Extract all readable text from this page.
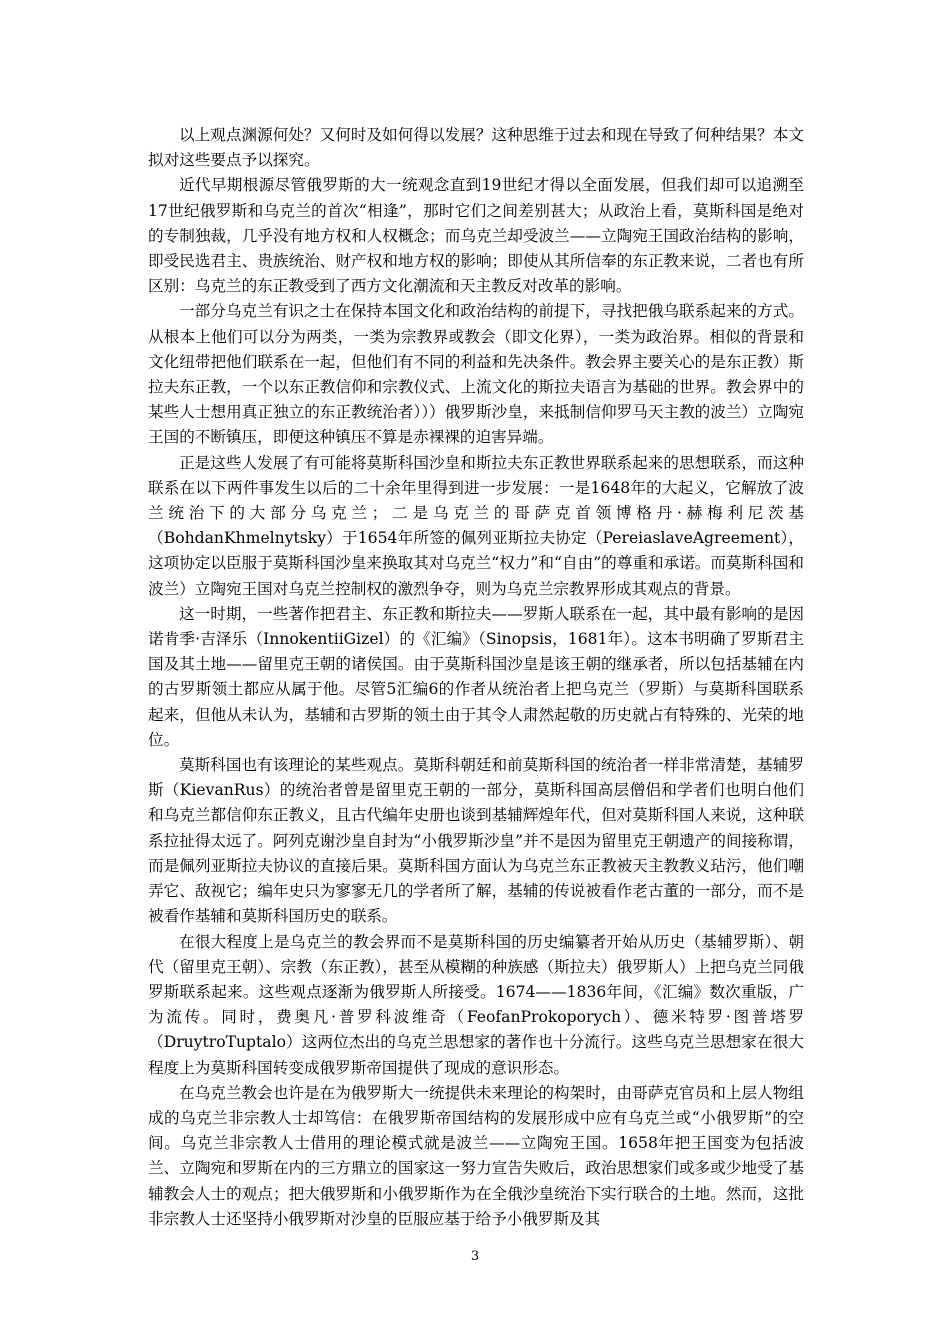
以上观点渊源何处？又何时及如何得以发展？这种思维于过去和现在导致了何种结果？本文拟对这些要点予以探究。

近代早期根源尽管俄罗斯的大一统观念直到19世纪才得以全面发展，但我们却可以追溯至17世纪俄罗斯和乌克兰的首次“相逢”，那时它们之间差别甚大；从政治上看，莫斯科国是绝对的专制独裁，几乎没有地方权和人权概念；而乌克兰却受波兰——立陶宛王国政治结构的影响，即受民选君主、贵族统治、财产权和地方权的影响；即使从其所信奉的东正教来说，二者也有所区别：乌克兰的东正教受到了西方文化潮流和天主教反对改革的影响。

一部分乌克兰有识之士在保持本国文化和政治结构的前提下，寻找把俄乌联系起来的方式。从根本上他们可以分为两类，一类为宗教界或教会（即文化界），一类为政治界。相似的背景和文化纽带把他们联系在一起，但他们有不同的利益和先决条件。教会界主要关心的是东正教）斯拉夫东正教，一个以东正教信仰和宗教仪式、上流文化的斯拉夫语言为基础的世界。教会界中的某些人士想用真正独立的东正教统治者）））俄罗斯沙皇，来抵制信仰罗马天主教的波兰）立陶宛王国的不断镇压，即便这种镇压不算是赤裸裸的迫害异端。

正是这些人发展了有可能将莫斯科国沙皇和斯拉夫东正教世界联系起来的思想联系，而这种联系在以下两件事发生以后的二十余年里得到进一步发展：一是1648年的大起义，它解放了波兰统治下的大部分乌克兰；二是乌克兰的哥萨克首领博格丹·赫梅利尼茨基（BohdanKhmelnytsky）于1654年所签的佩列亚斯拉夫协定（PereiaslaveAgreement），这项协定以臣服于莫斯科国沙皇来换取其对乌克兰“权力”和“自由”的尊重和承诺。而莫斯科国和波兰）立陶宛王国对乌克兰控制权的激烈争夺，则为乌克兰宗教界形成其观点的背景。

这一时期，一些著作把君主、东正教和斯拉夫——罗斯人联系在一起，其中最有影响的是因诺肯季·吉泽乐（InnokentiiGizel）的《汇编》（Sinopsis，1681年）。这本书明确了罗斯君主国及其土地——留里克王朝的诸侯国。由于莫斯科国沙皇是该王朝的继承者，所以包括基辅在内的古罗斯领土都应从属于他。尽管5汇编6的作者从统治者上把乌克兰（罗斯）与莫斯科国联系起来，但他从未认为，基辅和古罗斯的领土由于其令人肃然起敬的历史就占有特殊的、光荣的地位。

莫斯科国也有该理论的某些观点。莫斯科朝廷和前莫斯科国的统治者一样非常清楚，基辅罗斯（KievanRus）的统治者曾是留里克王朝的一部分，莫斯科国高层僧侣和学者们也明白他们和乌克兰都信仰东正教义，且古代编年史册也谈到基辅辉煌年代，但对莫斯科国人来说，这种联系拉扯得太远了。阿列克谢沙皇自封为“小俄罗斯沙皇”并不是因为留里克王朝遗产的间接称谓，而是佩列亚斯拉夫协议的直接后果。莫斯科国方面认为乌克兰东正教被天主教教义玷污，他们嘲弄它、敌视它；编年史只为寥寥无几的学者所了解，基辅的传说被看作老古董的一部分，而不是被看作基辅和莫斯科国历史的联系。

在很大程度上是乌克兰的教会界而不是莫斯科国的历史编纂者开始从历史（基辅罗斯）、朝代（留里克王朝）、宗教（东正教），甚至从模糊的种族感（斯拉夫）俄罗斯人）上把乌克兰同俄罗斯联系起来。这些观点逐渐为俄罗斯人所接受。1674——1836年间，《汇编》数次重版，广为流传。同时，费奥凡·普罗科波维奇（FeofanProkoporych）、德米特罗·图普塔罗（DruytroTuptalo）这两位杰出的乌克兰思想家的著作也十分流行。这些乌克兰思想家在很大程度上为莫斯科国转变成俄罗斯帝国提供了现成的意识形态。

在乌克兰教会也许是在为俄罗斯大一统提供未来理论的构架时，由哥萨克官员和上层人物组成的乌克兰非宗教人士却笃信：在俄罗斯帝国结构的发展形成中应有乌克兰或“小俄罗斯”的空间。乌克兰非宗教人士借用的理论模式就是波兰——立陶宛王国。1658年把王国变为包括波兰、立陶宛和罗斯在内的三方鼎立的国家这一努力宣告失败后，政治思想家们或多或少地受了基辅教会人士的观点；把大俄罗斯和小俄罗斯作为在全俄沙皇统治下实行联合的土地。然而，这批非宗教人士还坚持小俄罗斯对沙皇的臣服应基于给予小俄罗斯及其

3
